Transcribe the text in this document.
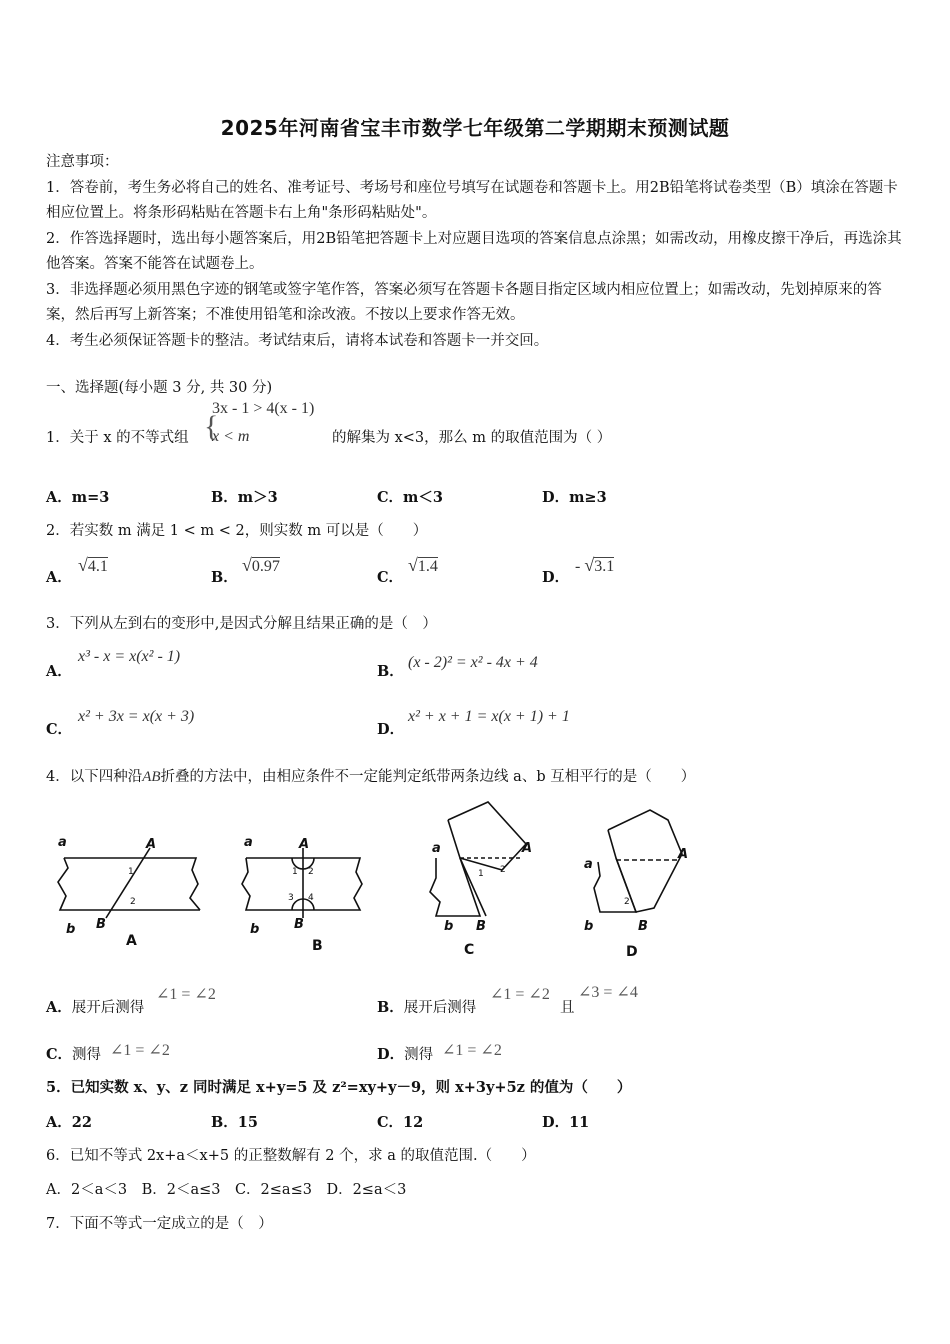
2025年河南省宝丰市数学七年级第二学期期末预测试题
注意事项：
1．答卷前，考生务必将自己的姓名、准考证号、考场号和座位号填写在试题卷和答题卡上。用2B铅笔将试卷类型（B）填涂在答题卡相应位置上。将条形码粘贴在答题卡右上角"条形码粘贴处"。
2．作答选择题时，选出每小题答案后，用2B铅笔把答题卡上对应题目选项的答案信息点涂黑；如需改动，用橡皮擦干净后，再选涂其他答案。答案不能答在试题卷上。
3．非选择题必须用黑色字迹的钢笔或签字笔作答，答案必须写在答题卡各题目指定区域内相应位置上；如需改动，先划掉原来的答案，然后再写上新答案；不准使用铅笔和涂改液。不按以上要求作答无效。
4．考生必须保证答题卡的整洁。考试结束后，请将本试卷和答题卡一并交回。
一、选择题(每小题 3 分, 共 30 分)
1．关于 x 的不等式组 {
3x - 1 > 4(x - 1)
x < m	的解集为 x<3，那么 m 的取值范围为（ ）
A．m=3	B．m＞3	C．m＜3	D．m≥3
2．若实数 m 满足 1 < m < 2，则实数 m 可以是（　　）
A．
√4.1
B．
√0.97
C．
√1.4
D．
- √3.1
3．下列从左到右的变形中,是因式分解且结果正确的是（　）
A．
x³ - x = x(x² - 1)
B．
(x - 2)² = x² - 4x + 4
C．
x² + 3x = x(x + 3)
D．
x² + x + 1 = x(x + 1) + 1
4．以下四种沿AB折叠的方法中，由相应条件不一定能判定纸带两条边线 a、b 互相平行的是（　　）
a	A
b B
a	A
b	B
a	A
b B
a
A
b	B
1
2
1 2
3 4
1 2
2
A	B	C	D
A．展开后测得
∠1 = ∠2
B．展开后测得
∠1 = ∠2
且
∠3 = ∠4
C．测得 ∠1 = ∠2	D．测得 ∠1 = ∠2
5．已知实数 x、y、z 同时满足 x+y=5 及 z²=xy+y－9，则 x+3y+5z 的值为（　　）
A．22	B．15	C．12	D．11
6．已知不等式 2x+a＜x+5 的正整数解有 2 个，求 a 的取值范围.（　　）
A．2＜a＜3　B．2＜a≤3　C．2≤a≤3　D．2≤a＜3
7．下面不等式一定成立的是（　）
